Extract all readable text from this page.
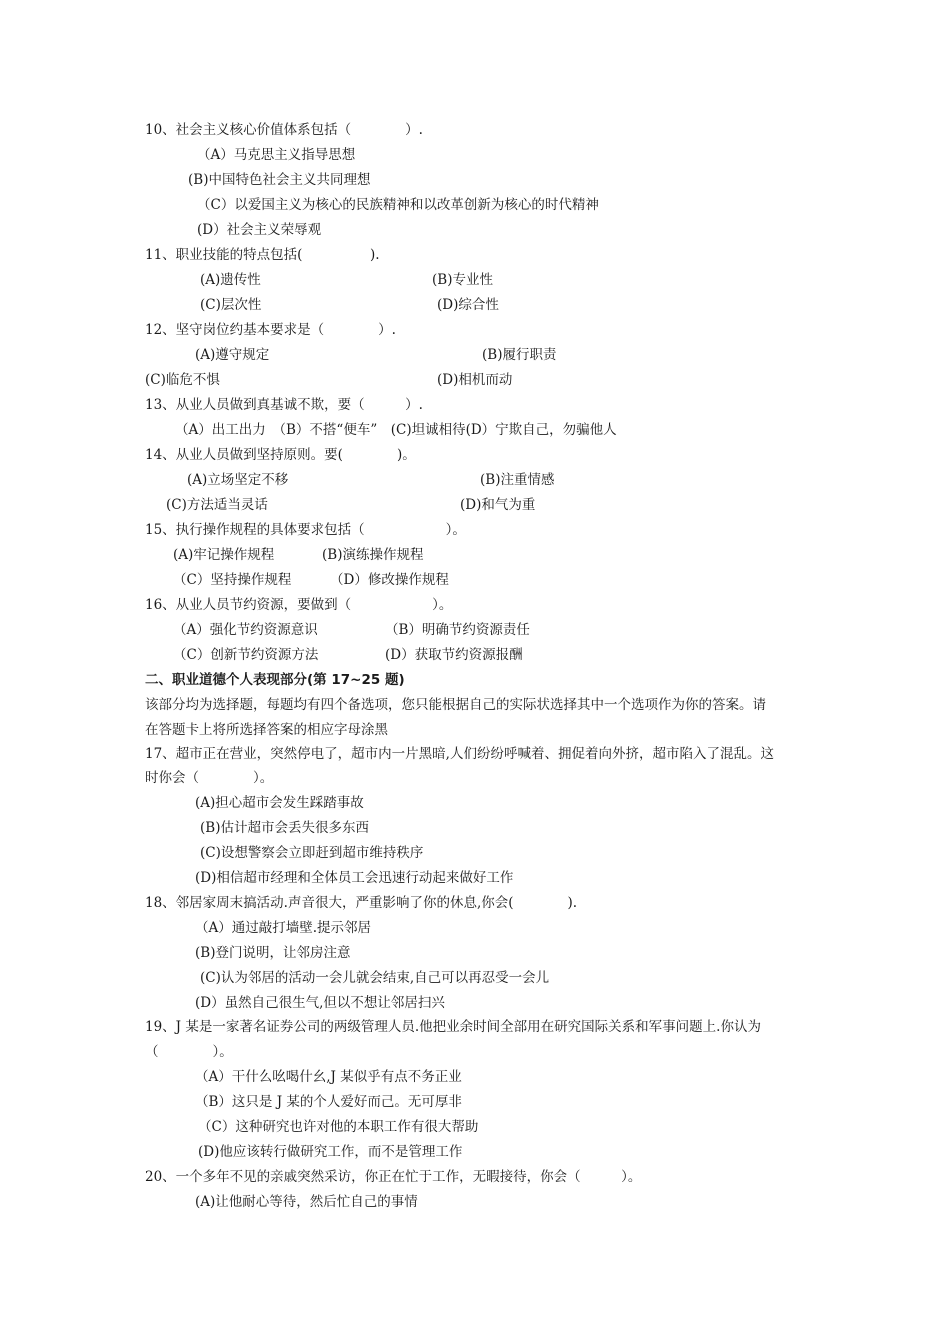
10、社会主义核心价值体系包括（　　　　）.
（A）马克思主义指导思想
(B)中国特色社会主义共同理想
（C）以爱国主义为核心的民族精神和以改革创新为核心的时代精神
(D）社会主义荣辱观
11、职业技能的特点包括(　　　　　).
(A)遗传性	(B)专业性
(C)层次性	(D)综合性
12、坚守岗位约基本要求是（　　　　）.
(A)遵守规定	(B)履行职责
(C)临危不惧	(D)相机而动
13、从业人员做到真基诚不欺，要（　　　）.
（A）出工出力　（B）不搭“便车”　(C)坦诚相待(D）宁欺自己，勿骗他人
14、从业人员做到坚持原则。要(　　　　)。
(A)立场坚定不移	(B)注重情感
(C)方法适当灵话	(D)和气为重
15、执行操作规程的具体要求包括（　　　　　　）。
(A)牢记操作规程	(B)演练操作规程
（C）坚持操作规程	（D）修改操作规程
16、从业人员节约资源，要做到（　　　　　　）。
（A）强化节约资源意识	（B）明确节约资源责任
（C）创新节约资源方法	(D）获取节约资源报酬
二、职业道德个人表现部分(第 17~25 题)
该部分均为选择题，每题均有四个备选项，您只能根据自己的实际状选择其中一个选项作为你的答案。请
在答题卡上将所选择答案的相应字母涂黑
17、超市正在营业，突然停电了，超市内一片黑暗,人们纷纷呼喊着、拥促着向外挤，超市陷入了混乱。这
时你会（　　　　）。
(A)担心超市会发生踩踏事故
(B)估计超市会丢失很多东西
(C)设想警察会立即赶到超市维持秩序
(D)相信超市经理和全体员工会迅速行动起来做好工作
18、邻居家周末搞活动.声音很大，严重影响了你的休息,你会(　　　　).
（A）通过敲打墙壁.提示邻居
(B)登门说明，让邻房注意
(C)认为邻居的活动一会儿就会结束,自己可以再忍受一会儿
(D）虽然自己很生气,但以不想让邻居扫兴
19、J 某是一家著名证券公司的两级管理人员.他把业余时间全部用在研究国际关系和军事问题上.你认为
（　　　　）。
（A）干什么吆喝什幺,J 某似乎有点不务正业
（B）这只是 J 某的个人爱好而己。无可厚非
（C）这种研究也许对他的本职工作有很大帮助
(D)他应该转行做研究工作，而不是管理工作
20、一个多年不见的亲戚突然采访，你正在忙于工作，无暇接待，你会（　　　）。
(A)让他耐心等待，然后忙自己的事情
